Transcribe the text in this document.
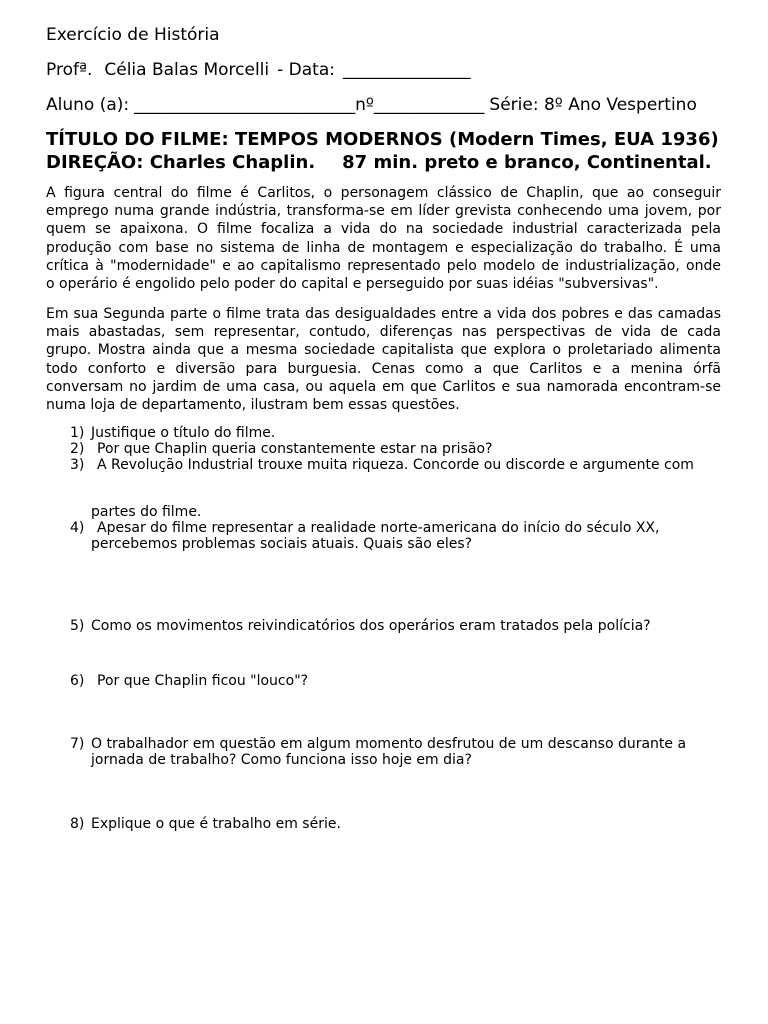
Exercício de História
Profª. Célia Balas Morcelli - Data: _______________
Aluno (a): __________________________nº_____________ Série: 8º Ano Vespertino
TÍTULO DO FILME: TEMPOS MODERNOS (Modern Times, EUA 1936)
DIREÇÃO: Charles Chaplin. 87 min. preto e branco, Continental.
A figura central do filme é Carlitos, o personagem clássico de Chaplin, que ao conseguir
emprego numa grande indústria, transforma-se em líder grevista conhecendo uma jovem, por
quem se apaixona. O filme focaliza a vida do na sociedade industrial caracterizada pela
produção com base no sistema de linha de montagem e especialização do trabalho. É uma
crítica à "modernidade" e ao capitalismo representado pelo modelo de industrialização, onde
o operário é engolido pelo poder do capital e perseguido por suas idéias "subversivas".
Em sua Segunda parte o filme trata das desigualdades entre a vida dos pobres e das camadas
mais abastadas, sem representar, contudo, diferenças nas perspectivas de vida de cada
grupo. Mostra ainda que a mesma sociedade capitalista que explora o proletariado alimenta
todo conforto e diversão para burguesia. Cenas como a que Carlitos e a menina órfã
conversam no jardim de uma casa, ou aquela em que Carlitos e sua namorada encontram-se
numa loja de departamento, ilustram bem essas questões.
1) Justifique o título do filme.
2) Por que Chaplin queria constantemente estar na prisão?
3) A Revolução Industrial trouxe muita riqueza. Concorde ou discorde e argumente com
partes do filme.
4) Apesar do filme representar a realidade norte-americana do início do século XX,
percebemos problemas sociais atuais. Quais são eles?
5) Como os movimentos reivindicatórios dos operários eram tratados pela polícia?
6) Por que Chaplin ficou "louco"?
7) O trabalhador em questão em algum momento desfrutou de um descanso durante a
jornada de trabalho? Como funciona isso hoje em dia?
8) Explique o que é trabalho em série.
